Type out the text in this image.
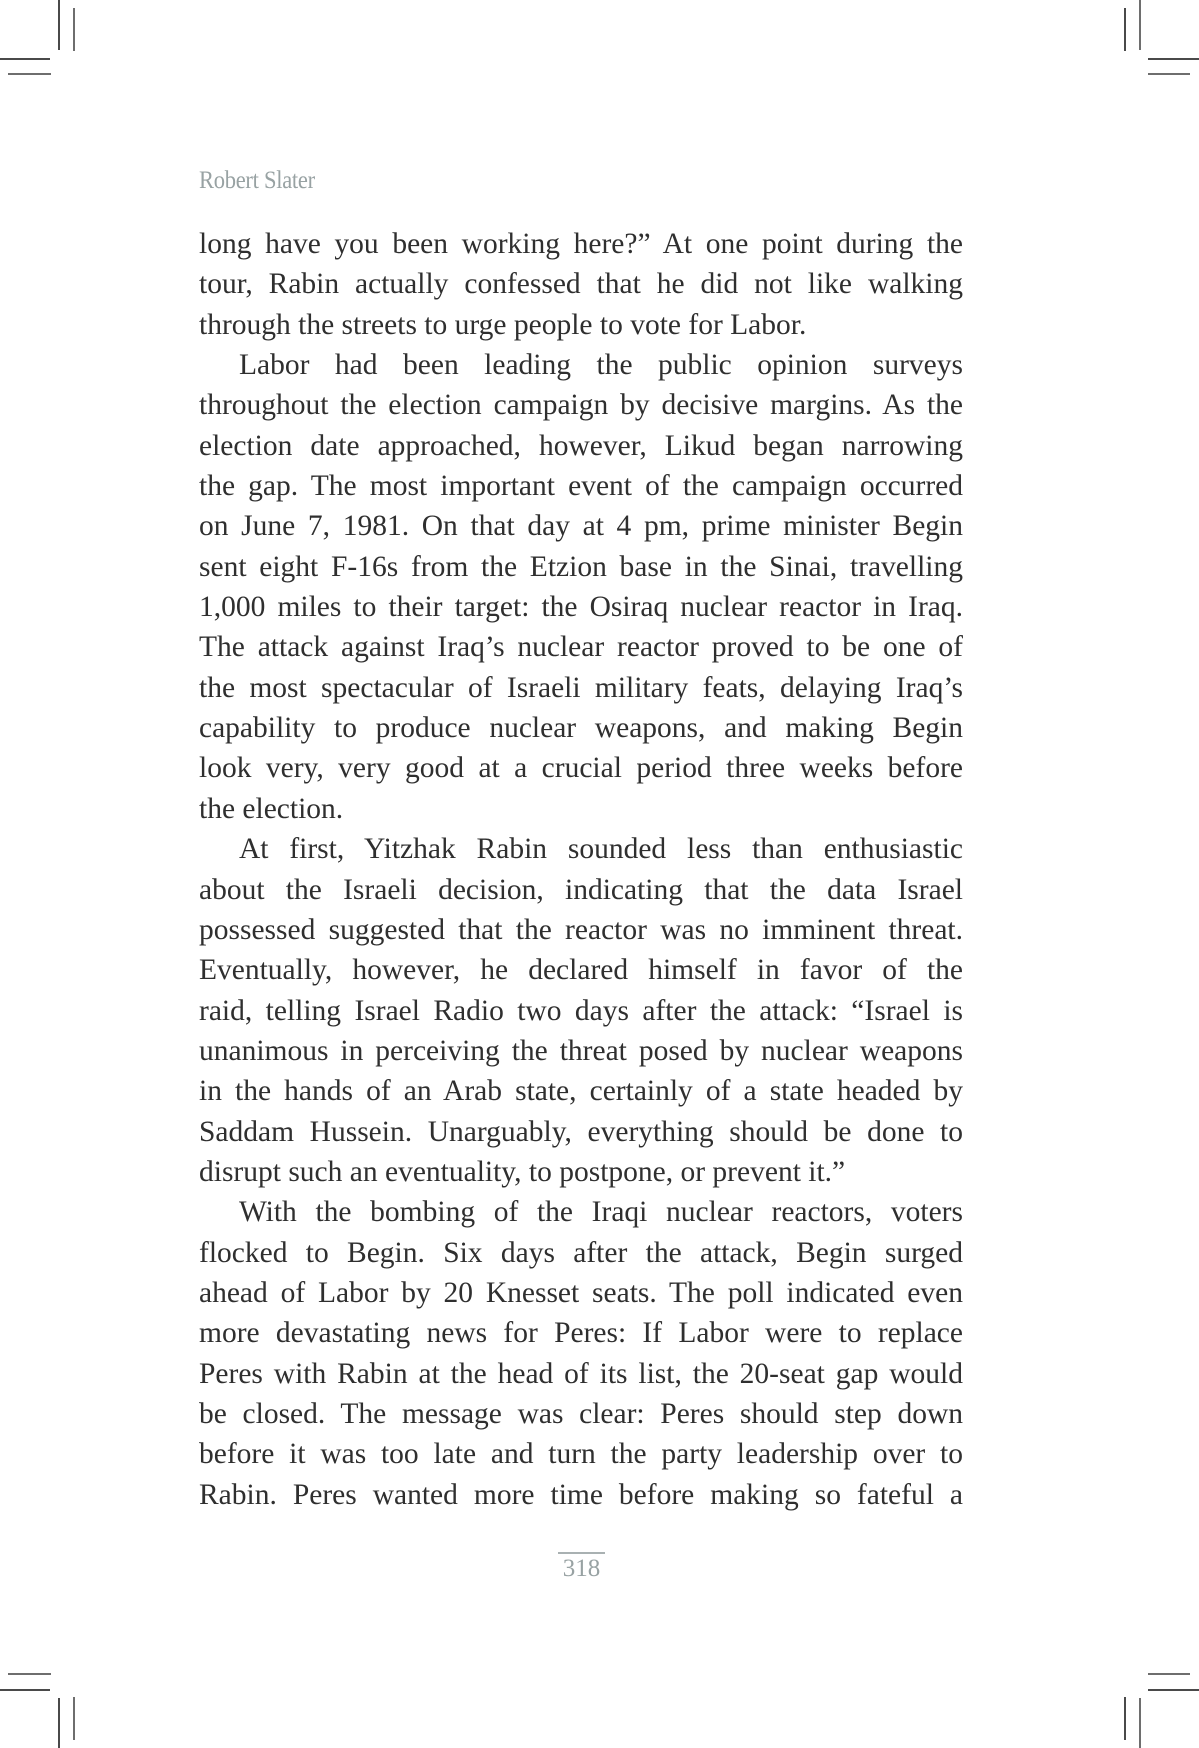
Robert Slater
long have you been working here?” At one point during the
tour, Rabin actually confessed that he did not like walking
through the streets to urge people to vote for Labor.
Labor had been leading the public opinion surveys
throughout the election campaign by decisive margins. As the
election date approached, however, Likud began narrowing
the gap. The most important event of the campaign occurred
on June 7, 1981. On that day at 4 pm, prime minister Begin
sent eight F-16s from the Etzion base in the Sinai, travelling
1,000 miles to their target: the Osiraq nuclear reactor in Iraq.
The attack against Iraq’s nuclear reactor proved to be one of
the most spectacular of Israeli military feats, delaying Iraq’s
capability to produce nuclear weapons, and making Begin
look very, very good at a crucial period three weeks before
the election.
At first, Yitzhak Rabin sounded less than enthusiastic
about the Israeli decision, indicating that the data Israel
possessed suggested that the reactor was no imminent threat.
Eventually, however, he declared himself in favor of the
raid, telling Israel Radio two days after the attack: “Israel is
unanimous in perceiving the threat posed by nuclear weapons
in the hands of an Arab state, certainly of a state headed by
Saddam Hussein. Unarguably, everything should be done to
disrupt such an eventuality, to postpone, or prevent it.”
With the bombing of the Iraqi nuclear reactors, voters
flocked to Begin. Six days after the attack, Begin surged
ahead of Labor by 20 Knesset seats. The poll indicated even
more devastating news for Peres: If Labor were to replace
Peres with Rabin at the head of its list, the 20-seat gap would
be closed. The message was clear: Peres should step down
before it was too late and turn the party leadership over to
Rabin. Peres wanted more time before making so fateful a
318
